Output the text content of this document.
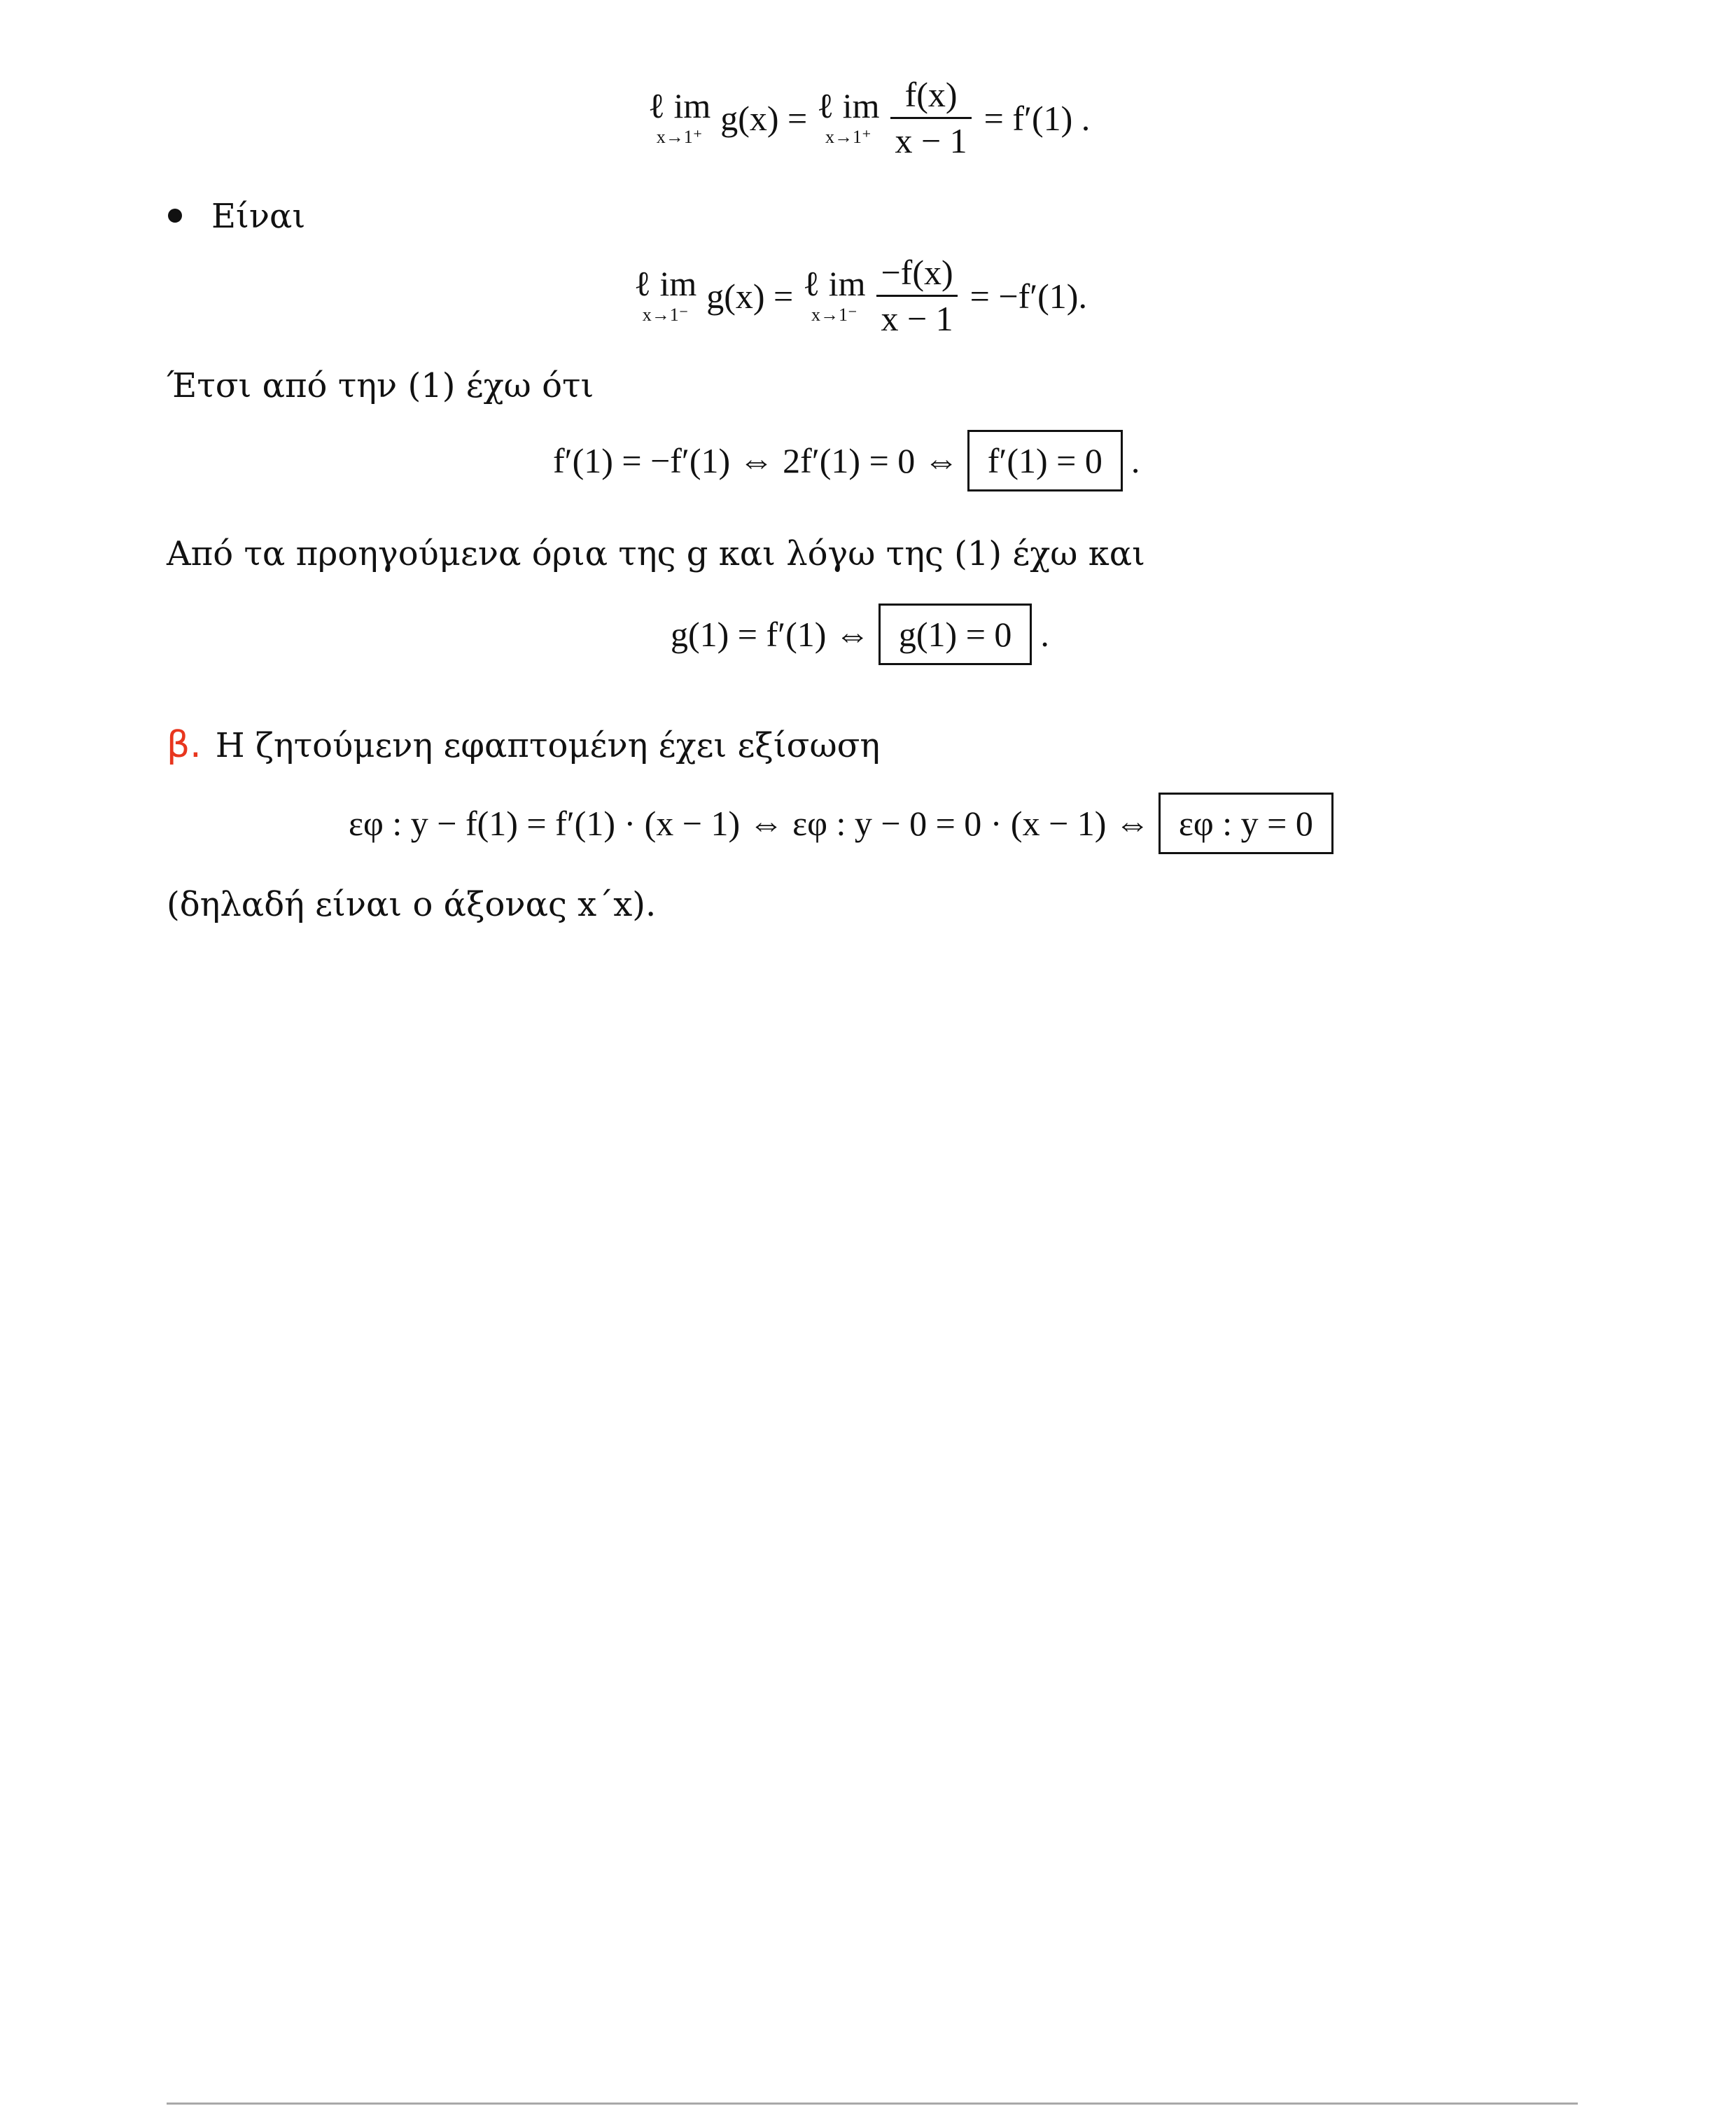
ℓ im
x→1⁺ g(x) = ℓ im
$x\to 1^+ \frac{f(x)}{x - 1} = f'(1)$ .
Είναι
ℓ im
x→1⁻ g(x) = ℓ im
$x\to 1^- \frac{-f(x)}{x - 1} = -f'(1)$.
Έτσι από την (1) έχω ότι
f′(1) = −f′(1) ⇔ 2f′(1) = 0 ⇔ f′(1) = 0 .
Από τα προηγούμενα όρια της g και λόγω της (1) έχω και
g(1) = f′(1) ⇔ g(1) = 0 .
β. Η ζητούμενη εφαπτομένη έχει εξίσωση
εφ : y − f(1) = f′(1) · (x − 1) ⇔ εφ : y − 0 = 0 · (x − 1) ⇔ εφ : y = 0
(δηλαδή είναι ο άξονας x΄x).
